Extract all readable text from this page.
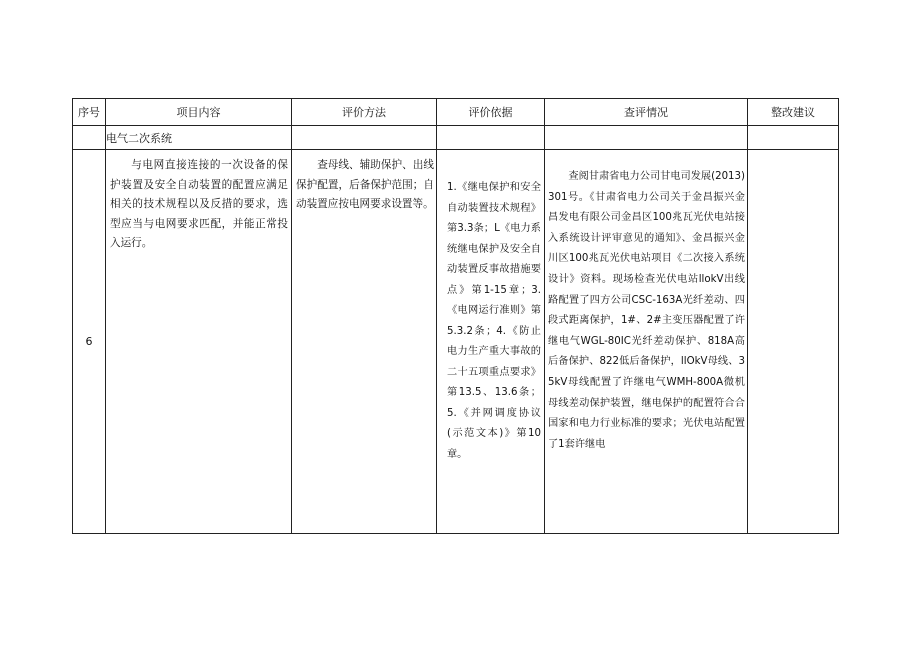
序号	项目内容	评价方法	评价依据	查评情况	整改建议
	电气二次系统				
6	与电网直接连接的一次设备的保护装置及安全自动装置的配置应满足相关的技术规程以及反措的要求，选型应当与电网要求匹配，并能正常投入运行。	查母线、辅助保护、出线保护配置，后备保护范围；自动装置应按电网要求设置等。	1.《继电保护和安全自动装置技术规程》第3.3条；L《电力系统继电保护及安全自动装置反事故措施要点》第1-15章；3.《电网运行准则》第5.3.2条；4.《防止电力生产重大事故的二十五项重点要求》第13.5、13.6条；5.《并网调度协议(示范文本)》第10章。	查阅甘肃省电力公司甘电司发展(2013)301号。《甘肃省电力公司关于金昌振兴金昌发电有限公司金昌区100兆瓦光伏电站接入系统设计评审意见的通知》、金昌振兴金川区100兆瓦光伏电站项目《二次接入系统设计》资料。现场检查光伏电站llokV出线路配置了四方公司CSC-163A光纤差动、四段式距离保护，1#、2#主变压器配置了许继电气WGL-80IC光纤差动保护、818A高后备保护、822低后备保护，llOkV母线、35kV母线配置了许继电气WMH-800A微机母线差动保护装置，继电保护的配置符合合国家和电力行业标准的要求；光伏电站配置了1套许继电	
